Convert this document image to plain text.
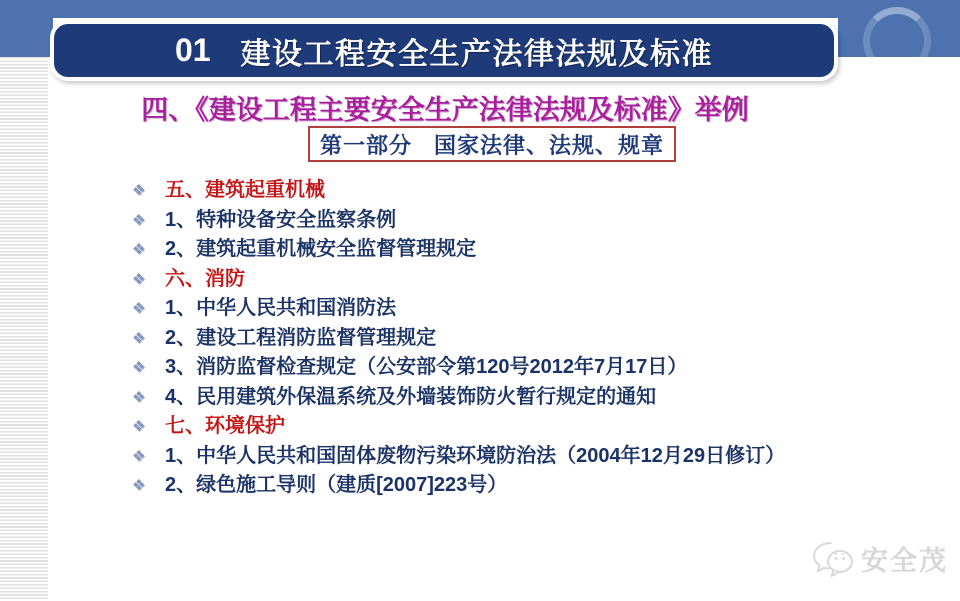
01 建设工程安全生产法律法规及标准
四、《建设工程主要安全生产法律法规及标准》举例
第一部分 国家法律、法规、规章
❖ 五、建筑起重机械
❖ 1、特种设备安全监察条例
❖ 2、建筑起重机械安全监督管理规定
❖ 六、消防
❖ 1、中华人民共和国消防法
❖ 2、建设工程消防监督管理规定
❖ 3、消防监督检查规定（公安部令第120号2012年7月17日）
❖ 4、民用建筑外保温系统及外墙装饰防火暂行规定的通知
❖ 七、环境保护
❖ 1、中华人民共和国固体废物污染环境防治法（2004年12月29日修订）
❖ 2、绿色施工导则（建质[2007]223号）
安全茂
